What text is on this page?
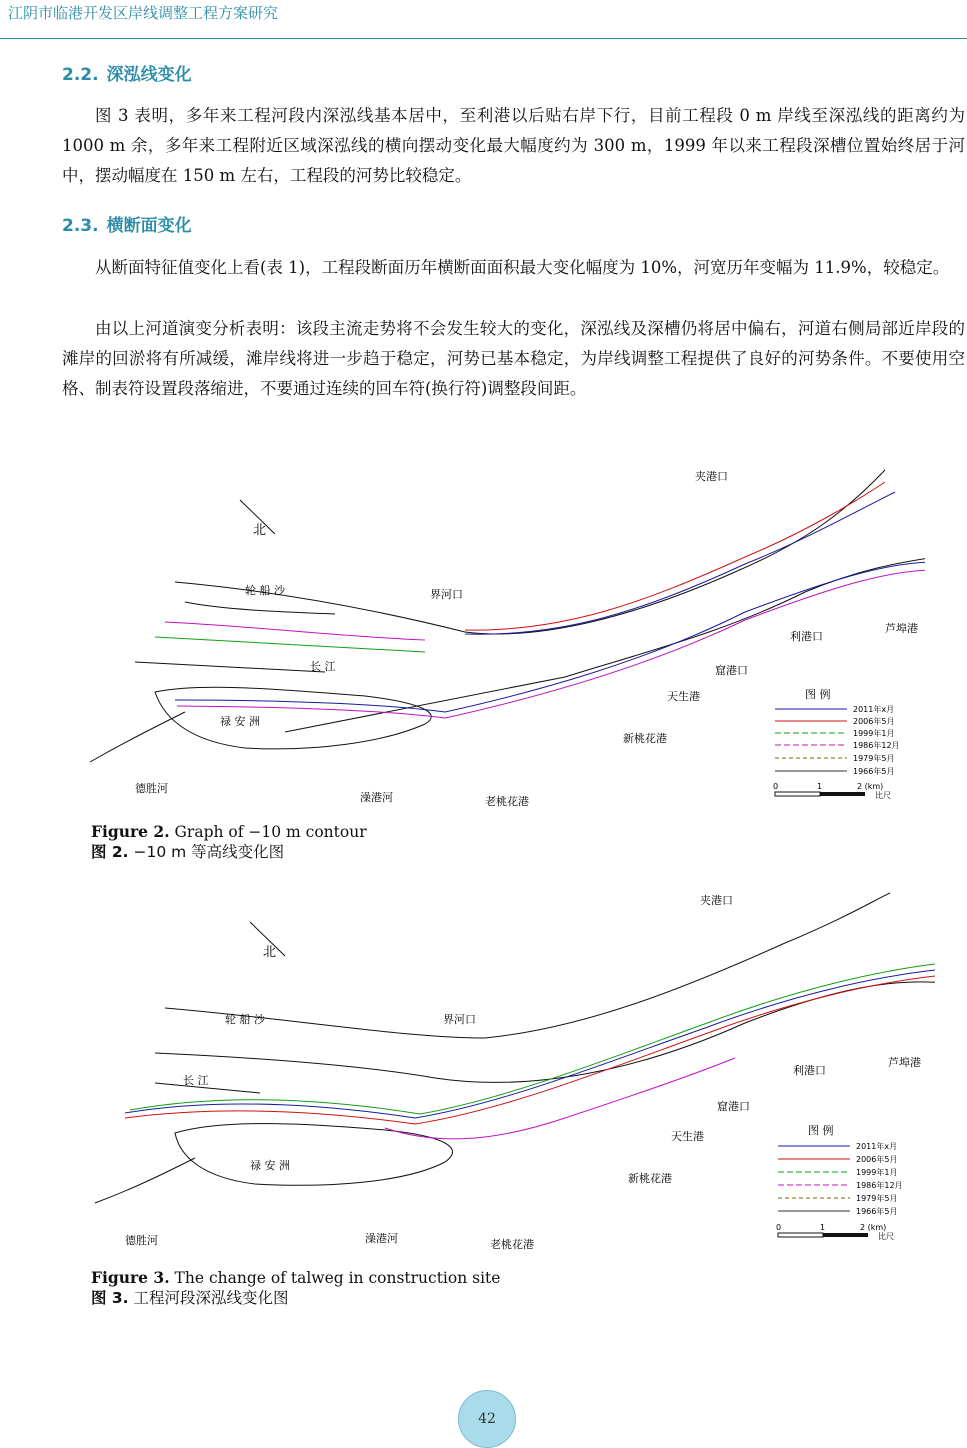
江阴市临港开发区岸线调整工程方案研究
2.2. 深泓线变化

图 3 表明，多年来工程河段内深泓线基本居中，至利港以后贴右岸下行，目前工程段 0 m 岸线至深泓线的距离约为 1000 m 余，多年来工程附近区域深泓线的横向摆动变化最大幅度约为 300 m，1999 年以来工程段深槽位置始终居于河中，摆动幅度在 150 m 左右，工程段的河势比较稳定。

2.3. 横断面变化

从断面特征值变化上看(表 1)，工程段断面历年横断面面积最大变化幅度为 10%，河宽历年变幅为 11.9%，较稳定。

由以上河道演变分析表明：该段主流走势将不会发生较大的变化，深泓线及深槽仍将居中偏右，河道右侧局部近岸段的滩岸的回淤将有所减缓，滩岸线将进一步趋于稳定，河势已基本稳定，为岸线调整工程提供了良好的河势条件。不要使用空格、制表符设置段落缩进，不要通过连续的回车符(换行符)调整段间距。

北
夹港口
界河口
轮 船 沙
长 江
利港口
芦埠港
窟港口
天生港
禄 安 洲
新桃花港
德胜河
澡港河	老桃花港
图 例
2011年x月
2006年5月
1999年1月
1986年12月
1979年5月
1966年5月
0	1	2 (km)
比尺
Figure 2. Graph of −10 m contour
图 2. −10 m 等高线变化图
北
夹港口
界河口
轮 船 沙
长 江
利港口
芦埠港
窟港口
天生港
禄 安 洲
新桃花港
德胜河	澡港河	老桃花港
图 例
2011年x月
2006年5月
1999年1月
1986年12月
1979年5月
1966年5月
0	1	2 (km)
比尺
Figure 3. The change of talweg in construction site
图 3. 工程河段深泓线变化图
42
